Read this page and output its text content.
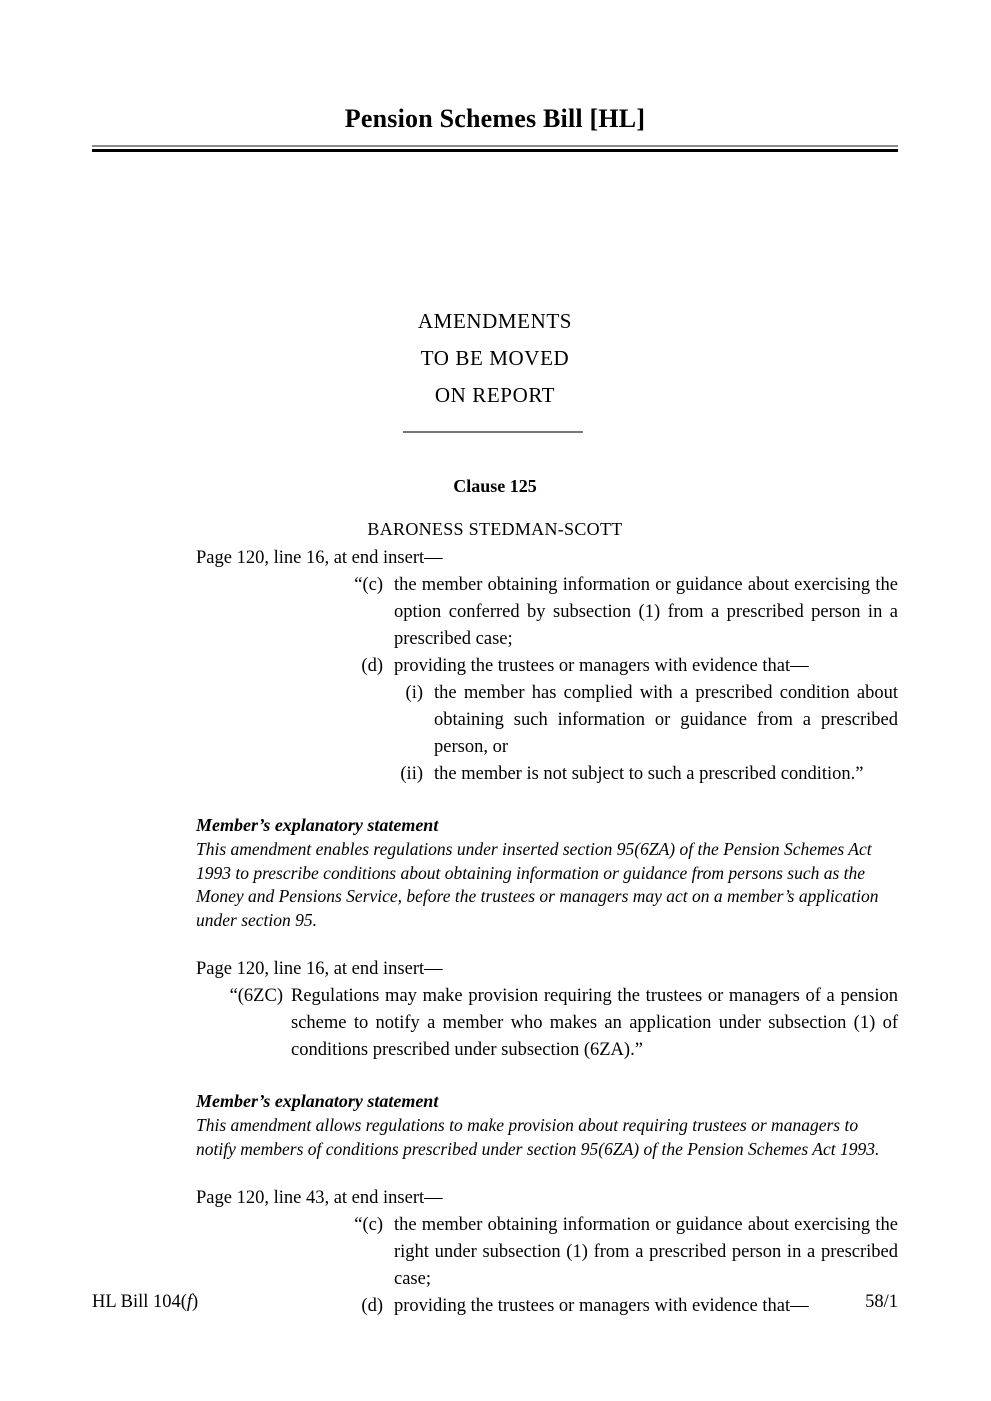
Pension Schemes Bill [HL]
AMENDMENTS
TO BE MOVED
ON REPORT
Clause 125
BARONESS STEDMAN-SCOTT

Page 120, line 16, at end insert—

“(c) the member obtaining information or guidance about exercising the option conferred by subsection (1) from a prescribed person in a prescribed case;
(d) providing the trustees or managers with evidence that—
(i) the member has complied with a prescribed condition about obtaining such information or guidance from a prescribed person, or
(ii) the member is not subject to such a prescribed condition.”

Member’s explanatory statement

This amendment enables regulations under inserted section 95(6ZA) of the Pension Schemes Act 1993 to prescribe conditions about obtaining information or guidance from persons such as the Money and Pensions Service, before the trustees or managers may act on a member’s application under section 95.

Page 120, line 16, at end insert—

“(6ZC) Regulations may make provision requiring the trustees or managers of a pension scheme to notify a member who makes an application under subsection (1) of conditions prescribed under subsection (6ZA).”

Member’s explanatory statement

This amendment allows regulations to make provision about requiring trustees or managers to notify members of conditions prescribed under section 95(6ZA) of the Pension Schemes Act 1993.

Page 120, line 43, at end insert—

“(c) the member obtaining information or guidance about exercising the right under subsection (1) from a prescribed person in a prescribed case;
(d) providing the trustees or managers with evidence that—
HL Bill 104(f)	58/1
